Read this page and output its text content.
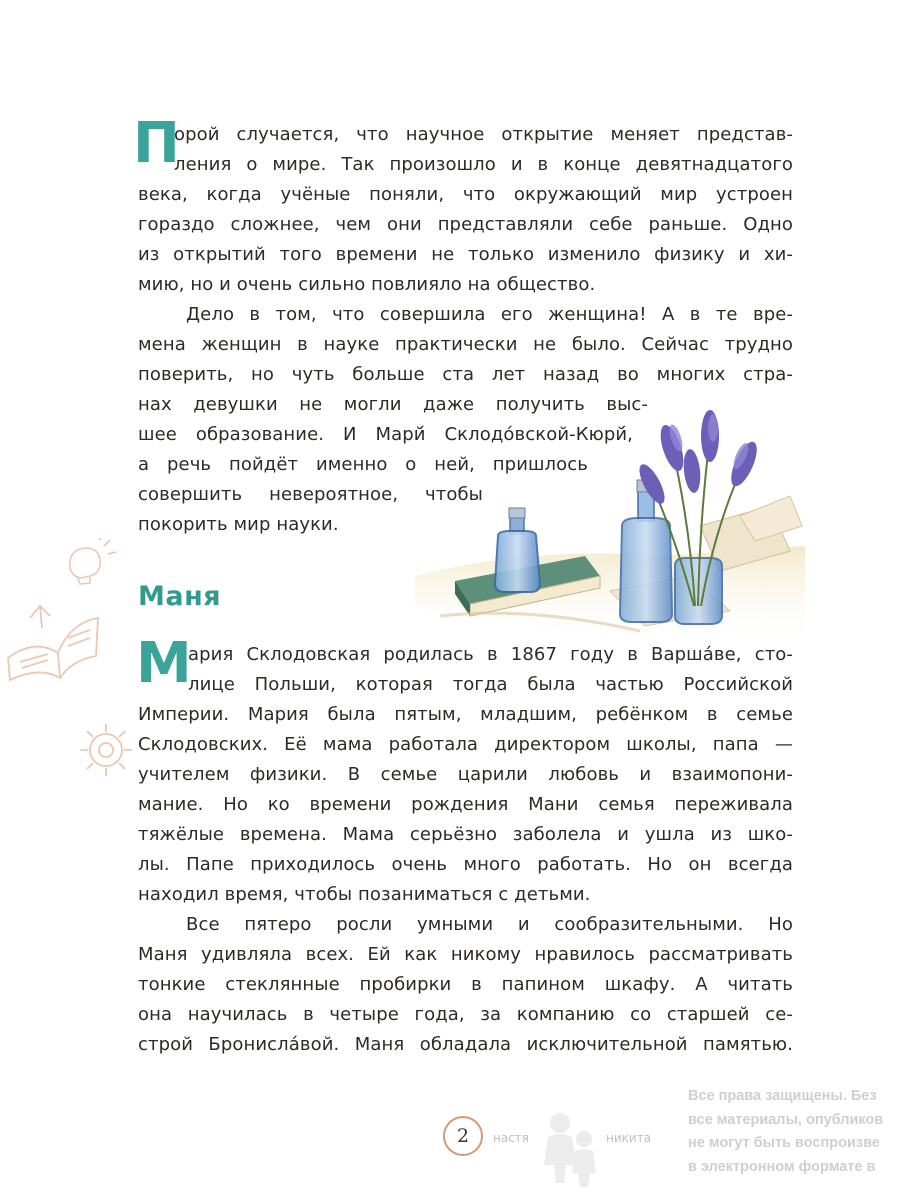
П
орой случается, что научное открытие меняет представ-
ления о мире. Так произошло и в конце девятнадцатого
века, когда учёные поняли, что окружающий мир устроен
гораздо сложнее, чем они представляли себе раньше. Одно
из открытий того времени не только изменило физику и хи-
мию, но и очень сильно повлияло на общество.
Дело в том, что совершила его женщина! А в те вре-
мена женщин в науке практически не было. Сейчас трудно
поверить, но чуть больше ста лет назад во многих стра-
нах девушки не могли даже получить выс-
шее образование. И Марй́ Склодо́вской-Кюрй́,
а речь пойдёт именно о ней, пришлось
совершить невероятное, чтобы
покорить мир науки.
Маня
М
ария Склодовская родилась в 1867 году в Варша́ве, сто-
лице Польши, которая тогда была частью Российской
Империи. Мария была пятым, младшим, ребёнком в семье
Склодовских. Её мама работала директором школы, папа —
учителем физики. В семье царили любовь и взаимопони-
мание. Но ко времени рождения Мани семья переживала
тяжёлые времена. Мама серьёзно заболела и ушла из шко-
лы. Папе приходилось очень много работать. Но он всегда
находил время, чтобы позаниматься с детьми.
Все пятеро росли умными и сообразительными. Но
Маня удивляла всех. Ей как никому нравилось рассматривать
тонкие стеклянные пробирки в папином шкафу. А читать
она научилась в четыре года, за компанию со старшей се-
строй Бронисла́вой. Маня обладала исключительной памятью.
2	настя	никита
Все права защищены. Без
все материалы, опубликов
не могут быть воспроизве
в электронном формате в
